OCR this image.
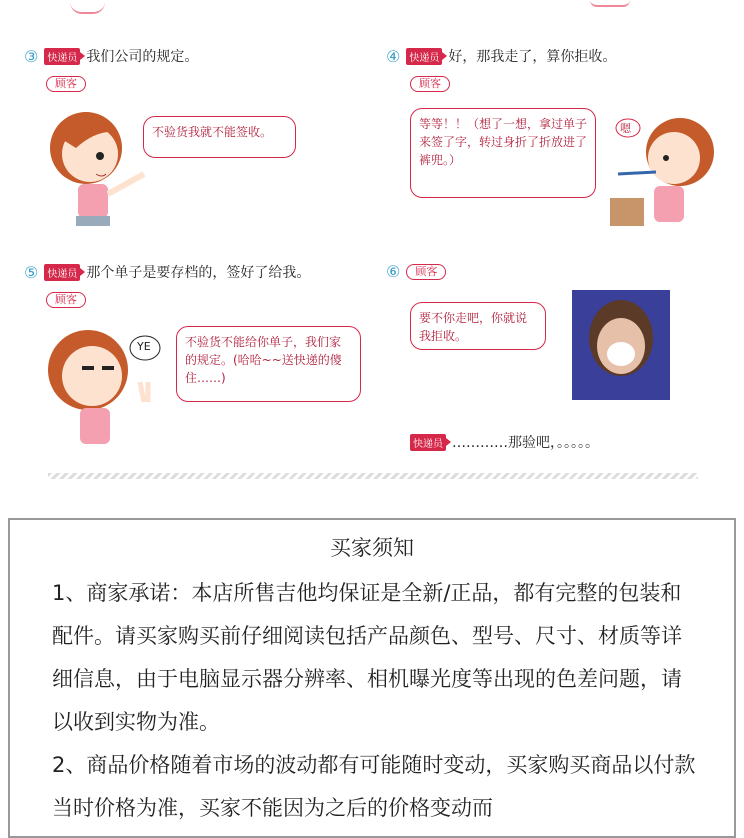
③ 快递员 我们公司的规定。
顾客
不验货我就不能签收。
④ 快递员 好，那我走了，算你拒收。
顾客
等等！！（想了一想，拿过单子来签了字，转过身折了折放进了裤兜。）
嗯
⑤ 快递员 那个单子是要存档的，签好了给我。
顾客
YE	不验货不能给你单子，我们家的规定。(哈哈~~送快递的傻住……)
⑥	顾客
要不你走吧，你就说我拒收。
快递员 …………那验吧，。。。。。
买家须知

1、商家承诺：本店所售吉他均保证是全新/正品，都有完整的包装和配件。请买家购买前仔细阅读包括产品颜色、型号、尺寸、材质等详细信息，由于电脑显示器分辨率、相机曝光度等出现的色差问题，请以收到实物为准。

2、商品价格随着市场的波动都有可能随时变动，买家购买商品以付款当时价格为准，买家不能因为之后的价格变动而
